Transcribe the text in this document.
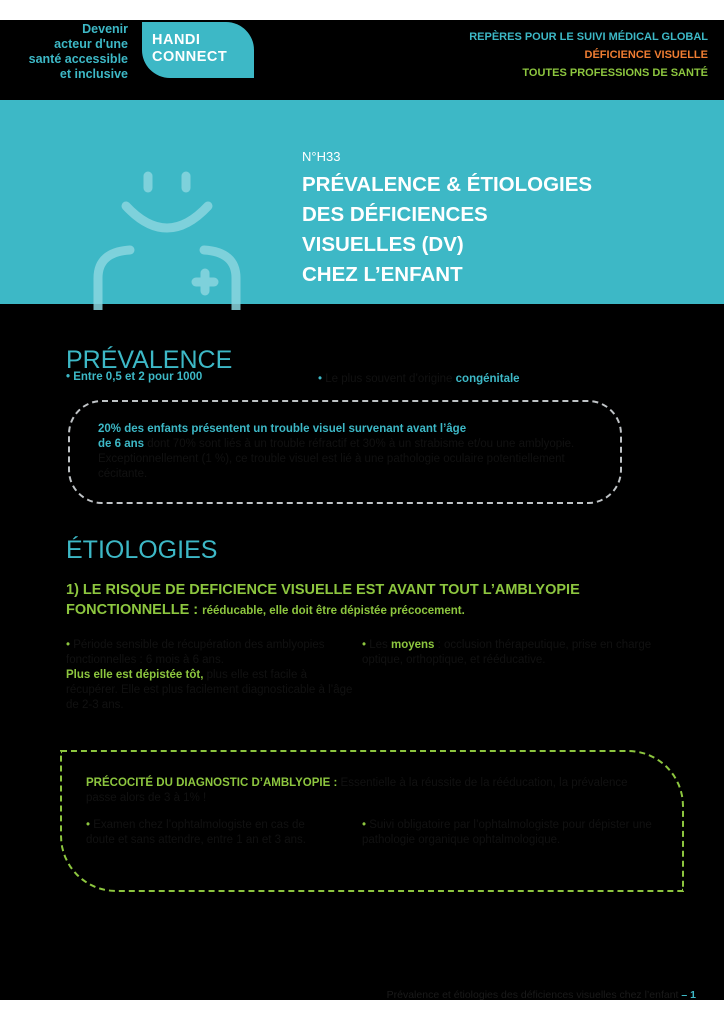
Devenir
acteur d'une
santé accessible
et inclusive
HANDI
CONNECT
REPÈRES POUR LE SUIVI MÉDICAL GLOBAL
DÉFICIENCE VISUELLE
TOUTES PROFESSIONS DE SANTÉ
N°H33
PRÉVALENCE & ÉTIOLOGIES
DES DÉFICIENCES
VISUELLES (DV)
CHEZ L’ENFANT
PRÉVALENCE
• Entre 0,5 et 2 pour 1000	• Le plus souvent d’origine congénitale
20% des enfants présentent un trouble visuel survenant avant l’âge
de 6 ans dont 70% sont liés à un trouble réfractif et 30% à un strabisme et/ou une amblyopie. Exceptionnellement (1 %), ce trouble visuel est lié à une pathologie oculaire potentiellement cécitante.
ÉTIOLOGIES
1) LE RISQUE DE DEFICIENCE VISUELLE EST AVANT TOUT L’AMBLYOPIE FONCTIONNELLE : rééducable, elle doit être dépistée précocement.
• Période sensible de récupération des amblyopies fonctionnelles : 6 mois à 6 ans.
Plus elle est dépistée tôt, plus elle est facile à récupérer. Elle est plus facilement diagnosticable à l’âge de 2-3 ans.
• Les moyens : occlusion thérapeutique, prise en charge optique, orthoptique, et rééducative.
PRÉCOCITÉ DU DIAGNOSTIC D’AMBLYOPIE : Essentielle à la réussite de la rééducation, la prévalence passe alors de 3 à 1% !
• Examen chez l’ophtalmologiste en cas de doute et sans attendre, entre 1 an et 3 ans.
• Suivi obligatoire par l’ophtalmologiste pour dépister une pathologie organique ophtalmologique.
Prévalence et étiologies des déficiences visuelles chez l’enfant – 1
